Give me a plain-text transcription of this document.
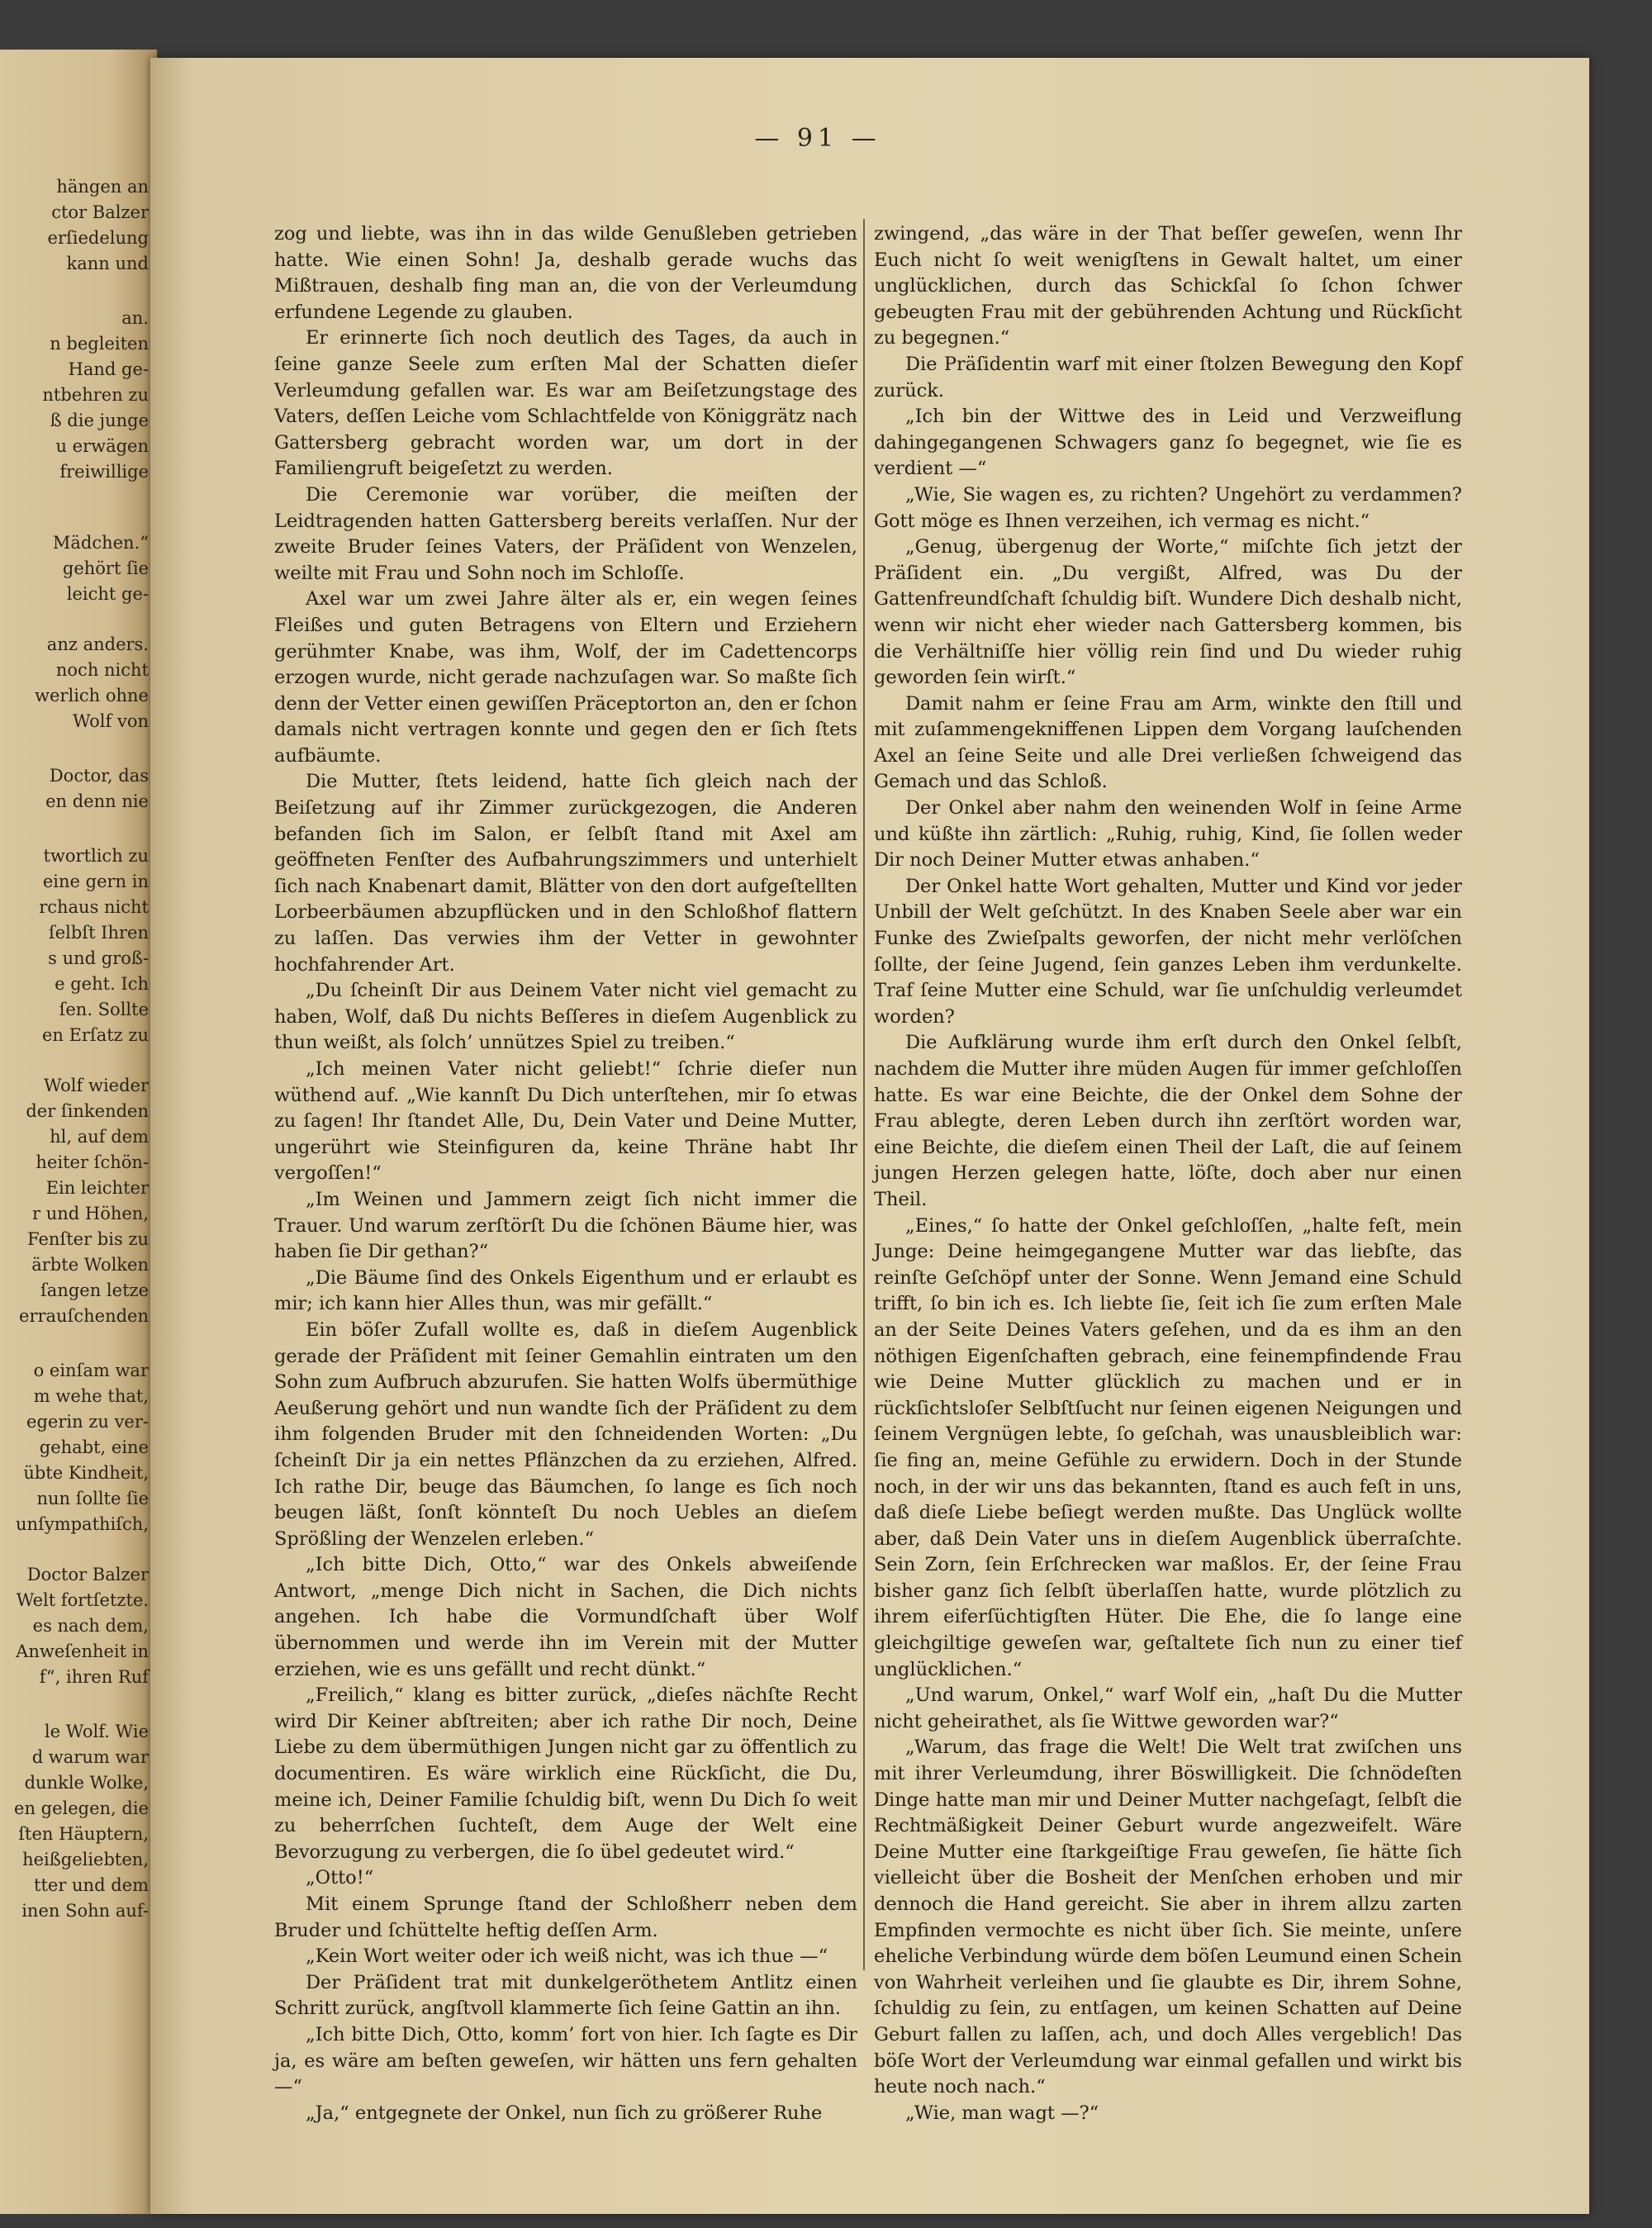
hängen an
ctor Balzer
erſiedelung
kann und
an.
n begleiten
Hand ge-
ntbehren zu
ß die junge
u erwägen
freiwillige
Mädchen.“
gehört ſie
leicht ge-
anz anders.
noch nicht
werlich ohne
Wolf von
Doctor, das
en denn nie
twortlich zu
eine gern in
rchaus nicht
ſelbſt Ihren
s und groß-
e geht. Ich
ſen. Sollte
en Erſatz zu
Wolf wieder
der ſinkenden
hl, auf dem
heiter ſchön-
Ein leichter
r und Höhen,
Fenſter bis zu
ärbte Wolken
ſangen letze
errauſchenden
o einſam war
m wehe that,
egerin zu ver-
gehabt, eine
übte Kindheit,
nun ſollte ſie
unſympathiſch,
Doctor Balzer
Welt fortſetzte.
es nach dem,
Anweſenheit in
f“, ihren Ruf
le Wolf. Wie
d warum war
dunkle Wolke,
en gelegen, die
ſten Häuptern,
heißgeliebten,
tter und dem
inen Sohn auf-
— 91 —

zog und liebte, was ihn in das wilde Genußleben getrieben hatte. Wie einen Sohn! Ja, deshalb gerade wuchs das Mißtrauen, deshalb fing man an, die von der Verleumdung erfundene Legende zu glauben.

Er erinnerte ſich noch deutlich des Tages, da auch in ſeine ganze Seele zum erſten Mal der Schatten dieſer Verleumdung gefallen war. Es war am Beiſetzungstage des Vaters, deſſen Leiche vom Schlachtfelde von Königgrätz nach Gattersberg gebracht worden war, um dort in der Familiengruft beigeſetzt zu werden.

Die Ceremonie war vorüber, die meiſten der Leidtragenden hatten Gattersberg bereits verlaſſen. Nur der zweite Bruder ſeines Vaters, der Präſident von Wenzelen, weilte mit Frau und Sohn noch im Schloſſe.

Axel war um zwei Jahre älter als er, ein wegen ſeines Fleißes und guten Betragens von Eltern und Erziehern gerühmter Knabe, was ihm, Wolf, der im Cadettencorps erzogen wurde, nicht gerade nachzuſagen war. So maßte ſich denn der Vetter einen gewiſſen Präceptorton an, den er ſchon damals nicht vertragen konnte und gegen den er ſich ſtets aufbäumte.

Die Mutter, ſtets leidend, hatte ſich gleich nach der Beiſetzung auf ihr Zimmer zurückgezogen, die Anderen befanden ſich im Salon, er ſelbſt ſtand mit Axel am geöffneten Fenſter des Aufbahrungszimmers und unterhielt ſich nach Knabenart damit, Blätter von den dort aufgeſtellten Lorbeerbäumen abzupflücken und in den Schloßhof flattern zu laſſen. Das verwies ihm der Vetter in gewohnter hochfahrender Art.

„Du ſcheinſt Dir aus Deinem Vater nicht viel gemacht zu haben, Wolf, daß Du nichts Beſſeres in dieſem Augenblick zu thun weißt, als ſolch’ unnützes Spiel zu treiben.“

„Ich meinen Vater nicht geliebt!“ ſchrie dieſer nun wüthend auf. „Wie kannſt Du Dich unterſtehen, mir ſo etwas zu ſagen! Ihr ſtandet Alle, Du, Dein Vater und Deine Mutter, ungerührt wie Steinfiguren da, keine Thräne habt Ihr vergoſſen!“

„Im Weinen und Jammern zeigt ſich nicht immer die Trauer. Und warum zerſtörſt Du die ſchönen Bäume hier, was haben ſie Dir gethan?“

„Die Bäume ſind des Onkels Eigenthum und er erlaubt es mir; ich kann hier Alles thun, was mir gefällt.“

Ein böſer Zufall wollte es, daß in dieſem Augenblick gerade der Präſident mit ſeiner Gemahlin eintraten um den Sohn zum Aufbruch abzurufen. Sie hatten Wolfs übermüthige Aeußerung gehört und nun wandte ſich der Präſident zu dem ihm folgenden Bruder mit den ſchneidenden Worten: „Du ſcheinſt Dir ja ein nettes Pflänzchen da zu erziehen, Alfred. Ich rathe Dir, beuge das Bäumchen, ſo lange es ſich noch beugen läßt, ſonſt könnteſt Du noch Uebles an dieſem Sprößling der Wenzelen erleben.“

„Ich bitte Dich, Otto,“ war des Onkels abweiſende Antwort, „menge Dich nicht in Sachen, die Dich nichts angehen. Ich habe die Vormundſchaft über Wolf übernommen und werde ihn im Verein mit der Mutter erziehen, wie es uns gefällt und recht dünkt.“

„Freilich,“ klang es bitter zurück, „dieſes nächſte Recht wird Dir Keiner abſtreiten; aber ich rathe Dir noch, Deine Liebe zu dem übermüthigen Jungen nicht gar zu öffentlich zu documentiren. Es wäre wirklich eine Rückſicht, die Du, meine ich, Deiner Familie ſchuldig biſt, wenn Du Dich ſo weit zu beherrſchen ſuchteſt, dem Auge der Welt eine Bevorzugung zu verbergen, die ſo übel gedeutet wird.“

„Otto!“

Mit einem Sprunge ſtand der Schloßherr neben dem Bruder und ſchüttelte heftig deſſen Arm.

„Kein Wort weiter oder ich weiß nicht, was ich thue —“

Der Präſident trat mit dunkelgeröthetem Antlitz einen Schritt zurück, angſtvoll klammerte ſich ſeine Gattin an ihn.

„Ich bitte Dich, Otto, komm’ fort von hier. Ich ſagte es Dir ja, es wäre am beſten geweſen, wir hätten uns fern gehalten —“

„Ja,“ entgegnete der Onkel, nun ſich zu größerer Ruhe

zwingend, „das wäre in der That beſſer geweſen, wenn Ihr Euch nicht ſo weit wenigſtens in Gewalt haltet, um einer unglücklichen, durch das Schickſal ſo ſchon ſchwer gebeugten Frau mit der gebührenden Achtung und Rückſicht zu begegnen.“

Die Präſidentin warf mit einer ſtolzen Bewegung den Kopf zurück.

„Ich bin der Wittwe des in Leid und Verzweiflung dahingegangenen Schwagers ganz ſo begegnet, wie ſie es verdient —“

„Wie, Sie wagen es, zu richten? Ungehört zu verdammen? Gott möge es Ihnen verzeihen, ich vermag es nicht.“

„Genug, übergenug der Worte,“ miſchte ſich jetzt der Präſident ein. „Du vergißt, Alfred, was Du der Gattenfreundſchaft ſchuldig biſt. Wundere Dich deshalb nicht, wenn wir nicht eher wieder nach Gattersberg kommen, bis die Verhältniſſe hier völlig rein ſind und Du wieder ruhig geworden ſein wirſt.“

Damit nahm er ſeine Frau am Arm, winkte den ſtill und mit zuſammengekniffenen Lippen dem Vorgang lauſchenden Axel an ſeine Seite und alle Drei verließen ſchweigend das Gemach und das Schloß.

Der Onkel aber nahm den weinenden Wolf in ſeine Arme und küßte ihn zärtlich: „Ruhig, ruhig, Kind, ſie ſollen weder Dir noch Deiner Mutter etwas anhaben.“

Der Onkel hatte Wort gehalten, Mutter und Kind vor jeder Unbill der Welt geſchützt. In des Knaben Seele aber war ein Funke des Zwieſpalts geworfen, der nicht mehr verlöſchen ſollte, der ſeine Jugend, ſein ganzes Leben ihm verdunkelte. Traf ſeine Mutter eine Schuld, war ſie unſchuldig verleumdet worden?

Die Aufklärung wurde ihm erſt durch den Onkel ſelbſt, nachdem die Mutter ihre müden Augen für immer geſchloſſen hatte. Es war eine Beichte, die der Onkel dem Sohne der Frau ablegte, deren Leben durch ihn zerſtört worden war, eine Beichte, die dieſem einen Theil der Laſt, die auf ſeinem jungen Herzen gelegen hatte, löſte, doch aber nur einen Theil.

„Eines,“ ſo hatte der Onkel geſchloſſen, „halte feſt, mein Junge: Deine heimgegangene Mutter war das liebſte, das reinſte Geſchöpf unter der Sonne. Wenn Jemand eine Schuld trifft, ſo bin ich es. Ich liebte ſie, ſeit ich ſie zum erſten Male an der Seite Deines Vaters geſehen, und da es ihm an den nöthigen Eigenſchaften gebrach, eine feinempfindende Frau wie Deine Mutter glücklich zu machen und er in rückſichtsloſer Selbſtſucht nur ſeinen eigenen Neigungen und ſeinem Vergnügen lebte, ſo geſchah, was unausbleiblich war: ſie fing an, meine Gefühle zu erwidern. Doch in der Stunde noch, in der wir uns das bekannten, ſtand es auch feſt in uns, daß dieſe Liebe beſiegt werden mußte. Das Unglück wollte aber, daß Dein Vater uns in dieſem Augenblick überraſchte. Sein Zorn, ſein Erſchrecken war maßlos. Er, der ſeine Frau bisher ganz ſich ſelbſt überlaſſen hatte, wurde plötzlich zu ihrem eiferſüchtigſten Hüter. Die Ehe, die ſo lange eine gleichgiltige geweſen war, geſtaltete ſich nun zu einer tief unglücklichen.“

„Und warum, Onkel,“ warf Wolf ein, „haſt Du die Mutter nicht geheirathet, als ſie Wittwe geworden war?“

„Warum, das frage die Welt! Die Welt trat zwiſchen uns mit ihrer Verleumdung, ihrer Böswilligkeit. Die ſchnödeſten Dinge hatte man mir und Deiner Mutter nachgeſagt, ſelbſt die Rechtmäßigkeit Deiner Geburt wurde angezweifelt. Wäre Deine Mutter eine ſtarkgeiſtige Frau geweſen, ſie hätte ſich vielleicht über die Bosheit der Menſchen erhoben und mir dennoch die Hand gereicht. Sie aber in ihrem allzu zarten Empfinden vermochte es nicht über ſich. Sie meinte, unſere eheliche Verbindung würde dem böſen Leumund einen Schein von Wahrheit verleihen und ſie glaubte es Dir, ihrem Sohne, ſchuldig zu ſein, zu entſagen, um keinen Schatten auf Deine Geburt fallen zu laſſen, ach, und doch Alles vergeblich! Das böſe Wort der Verleumdung war einmal gefallen und wirkt bis heute noch nach.“

„Wie, man wagt —?“
